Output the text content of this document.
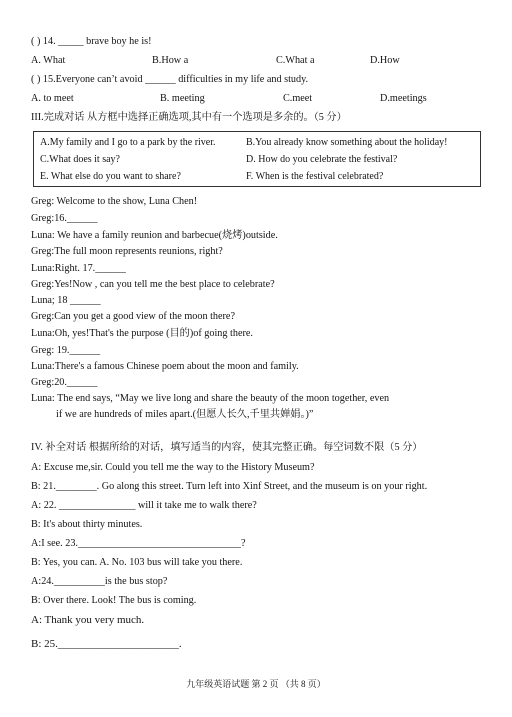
( ) 14. _____ brave boy he is!
A. What	B.How a	C.What a	D.How
( ) 15.Everyone can’t avoid ______ difficulties in my life and study.
A. to meet	B. meeting	C.meet	D.meetings
III.完成对话 从方框中选择正确选项,其中有一个选项是多余的。（5 分）
A.My family and I go to a park by the river.	B.You already know something about the holiday!
C.What does it say?	D. How do you celebrate the festival?
E. What else do you want to share?	F. When is the festival celebrated?
Greg: Welcome to the show, Luna Chen!
Greg:16.______
Luna: We have a family reunion and barbecue(烧烤)outside.
Greg:The full moon represents reunions, right?
Luna:Right. 17.______
Greg:Yes!Now , can you tell me the best place to celebrate?
Luna; 18 ______
Greg:Can you get a good view of the moon there?
Luna:Oh, yes!That's the purpose (目的)of going there.
Greg: 19.______
Luna:There's a famous Chinese poem about the moon and family.
Greg:20.______
Luna: The end says, “May we live long and share the beauty of the moon together, even
if we are hundreds of miles apart.(但愿人长久,千里共婵娟。)”
IV. 补全对话 根据所给的对话，填写适当的内容，使其完整正确。每空词数不限（5 分）
A: Excuse me,sir. Could you tell me the way to the History Museum?
B: 21.________. Go along this street. Turn left into Xinf Street, and the museum is on your right.
A: 22. _______________ will it take me to walk there?
B: It's about thirty minutes.
A:I see. 23.________________________________?
B: Yes, you can. A. No. 103 bus will take you there.
A:24.__________is the bus stop?
B: Over there. Look! The bus is coming.
A: Thank you very much.
B: 25.______________________.
九年级英语试题 第 2 页 （共 8 页）
